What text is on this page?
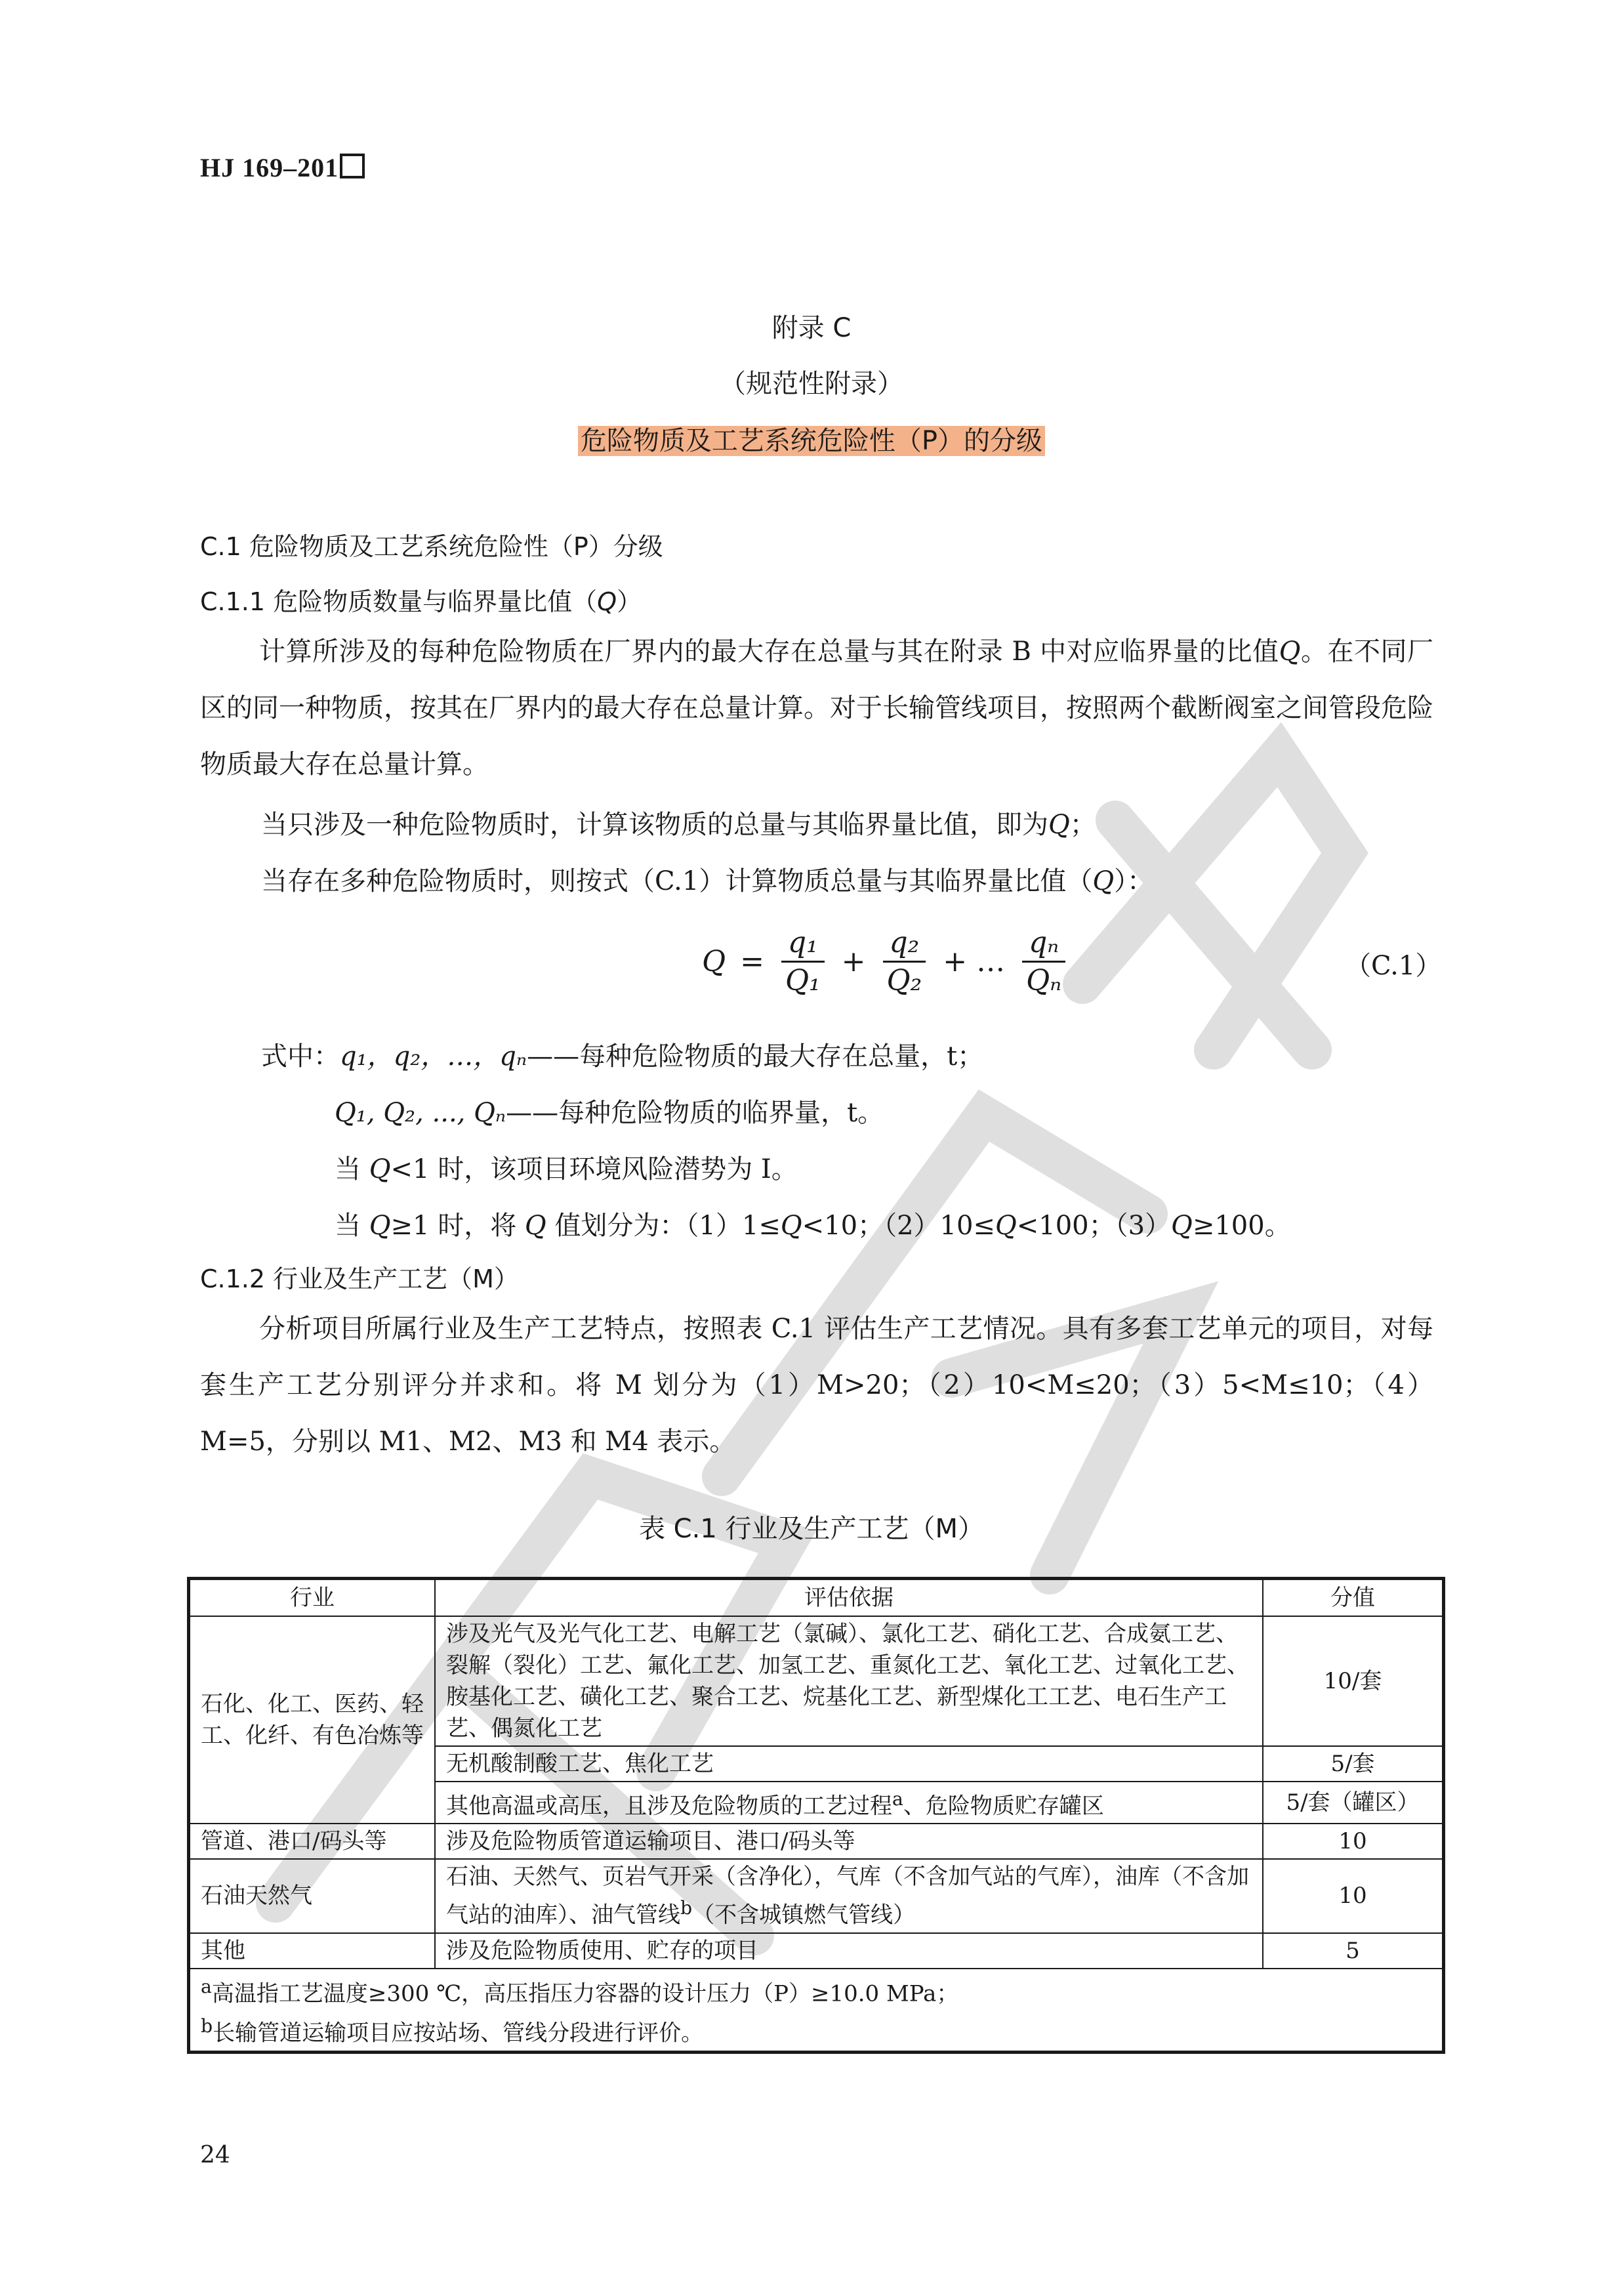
HJ 169–201
附录 C
（规范性附录）
危险物质及工艺系统危险性（P）的分级
C.1 危险物质及工艺系统危险性（P）分级
C.1.1 危险物质数量与临界量比值（Q）
计算所涉及的每种危险物质在厂界内的最大存在总量与其在附录 B 中对应临界量的比值Q。在不同厂区的同一种物质，按其在厂界内的最大存在总量计算。对于长输管线项目，按照两个截断阀室之间管段危险物质最大存在总量计算。
当只涉及一种危险物质时，计算该物质的总量与其临界量比值，即为Q；
当存在多种危险物质时，则按式（C.1）计算物质总量与其临界量比值（Q）：
$Q = \frac{\text{q₁}}{\text{Q₁}} + \frac{\text{q₂}}{\text{Q₂}}$ + … $\frac{\text{qₙ}}{\text{Qₙ}}$	（C.1）
式中：q₁，q₂，…，qₙ——每种危险物质的最大存在总量，t；
Q₁, Q₂, ..., Qₙ——每种危险物质的临界量，t。
当 Q<1 时，该项目环境风险潜势为 Ⅰ。
当 Q≥1 时，将 Q 值划分为：（1）1≤Q<10；（2）10≤Q<100；（3）Q≥100。
C.1.2 行业及生产工艺（M）
分析项目所属行业及生产工艺特点，按照表 C.1 评估生产工艺情况。具有多套工艺单元的项目，对每套生产工艺分别评分并求和。将 M 划分为（1）M>20；（2）10<M≤20；（3）5<M≤10；（4）M=5，分别以 M1、M2、M3 和 M4 表示。
表 C.1 行业及生产工艺（M）
行业	评估依据	分值
石化、化工、医药、轻工、化纤、有色冶炼等	涉及光气及光气化工艺、电解工艺（氯碱）、氯化工艺、硝化工艺、合成氨工艺、裂解（裂化）工艺、氟化工艺、加氢工艺、重氮化工艺、氧化工艺、过氧化工艺、胺基化工艺、磺化工艺、聚合工艺、烷基化工艺、新型煤化工工艺、电石生产工艺、偶氮化工艺	10/套
	无机酸制酸工艺、焦化工艺	5/套
	其他高温或高压，且涉及危险物质的工艺过程$^a$、危险物质贮存罐区	5/套（罐区）
管道、港口/码头等	涉及危险物质管道运输项目、港口/码头等	10
石油天然气	石油、天然气、页岩气开采（含净化），气库（不含加气站的气库），油库（不含加气站的油库）、油气管线$^b$（不含城镇燃气管线）	10
其他	涉及危险物质使用、贮存的项目	5

$^a$高温指工艺温度≥300 ℃，高压指压力容器的设计压力（P）≥10.0 MPa；
$^b$长输管道运输项目应按站场、管线分段进行评价。		
24
